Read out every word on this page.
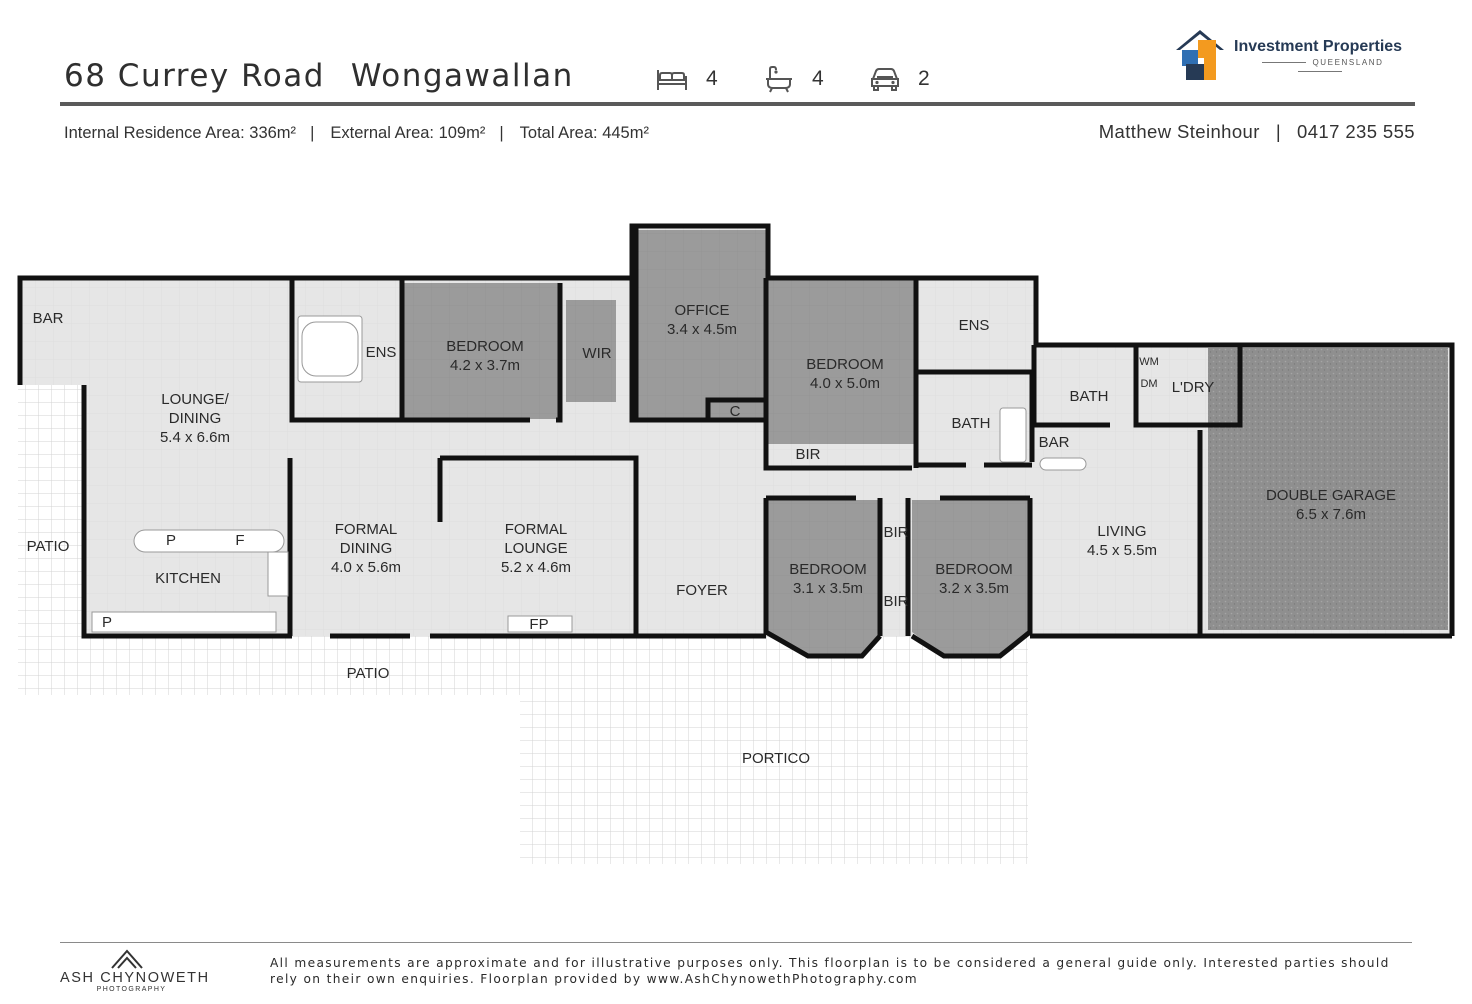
68 Currey Road Wongawallan	4	4	2
Investment Properties
QUEENSLAND
Internal Residence Area: 336m² | External Area: 109m² | Total Area: 445m²	Matthew Steinhour | 0417 235 555
BAR
LOUNGE/
DINING
5.4 x 6.6m
ENS	BEDROOM
4.2 x 3.7m
WIR
OFFICE
3.4 x 4.5m
C
BEDROOM
4.0 x 5.0m
BIR
ENS
BATH
BATH
WM
DM L'DRY
BAR
DOUBLE GARAGE
6.5 x 7.6m
PATIO
KITCHEN
P	F
P
FORMAL
DINING
4.0 x 5.6m
FORMAL
LOUNGE
5.2 x 4.6m
FP
FOYER
BEDROOM
3.1 x 3.5m
BIR
BIR
BEDROOM
3.2 x 3.5m
LIVING
4.5 x 5.5m
PATIO
PORTICO
ASH CHYNOWETH
PHOTOGRAPHY
All measurements are approximate and for illustrative purposes only. This floorplan is to be considered a general guide only. Interested parties should rely on their own enquiries. Floorplan provided by www.AshChynowethPhotography.com
